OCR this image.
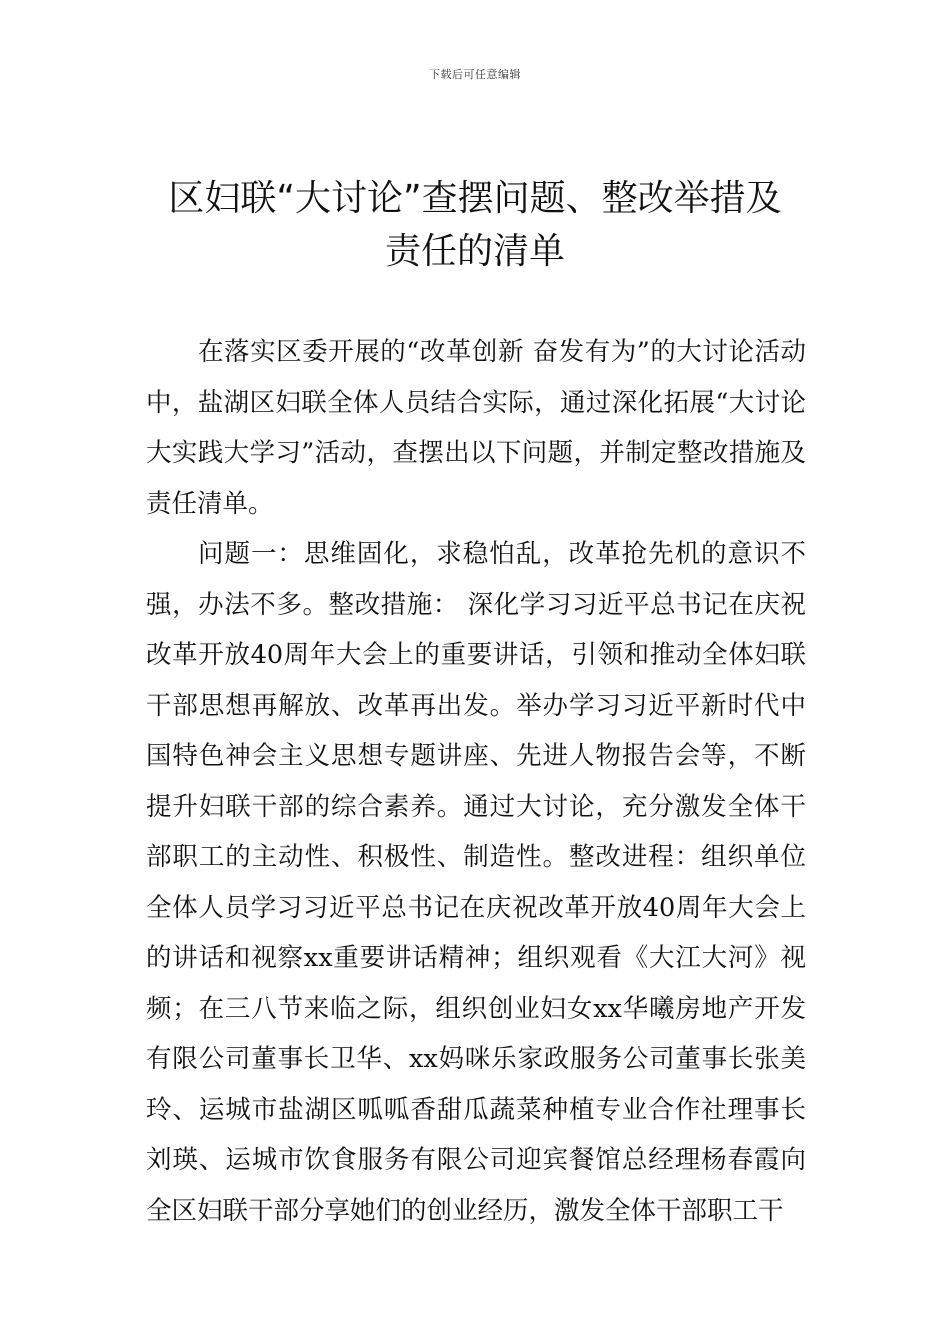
下载后可任意编辑
区妇联“大讨论”查摆问题、整改举措及
责任的清单

在落实区委开展的“改革创新 奋发有为”的大讨论活动中，盐湖区妇联全体人员结合实际，通过深化拓展“大讨论大实践大学习”活动，查摆出以下问题，并制定整改措施及责任清单。

问题一：思维固化，求稳怕乱，改革抢先机的意识不强，办法不多。整改措施： 深化学习习近平总书记在庆祝改革开放40周年大会上的重要讲话，引领和推动全体妇联干部思想再解放、改革再出发。举办学习习近平新时代中国特色神会主义思想专题讲座、先进人物报告会等，不断提升妇联干部的综合素养。通过大讨论，充分激发全体干部职工的主动性、积极性、制造性。整改进程：组织单位全体人员学习习近平总书记在庆祝改革开放40周年大会上的讲话和视察xx重要讲话精神；组织观看《大江大河》视频；在三八节来临之际，组织创业妇女xx华曦房地产开发有限公司董事长卫华、xx妈咪乐家政服务公司董事长张美玲、运城市盐湖区呱呱香甜瓜蔬菜种植专业合作社理事长刘瑛、运城市饮食服务有限公司迎宾餐馆总经理杨春霞向全区妇联干部分享她们的创业经历，激发全体干部职工干
